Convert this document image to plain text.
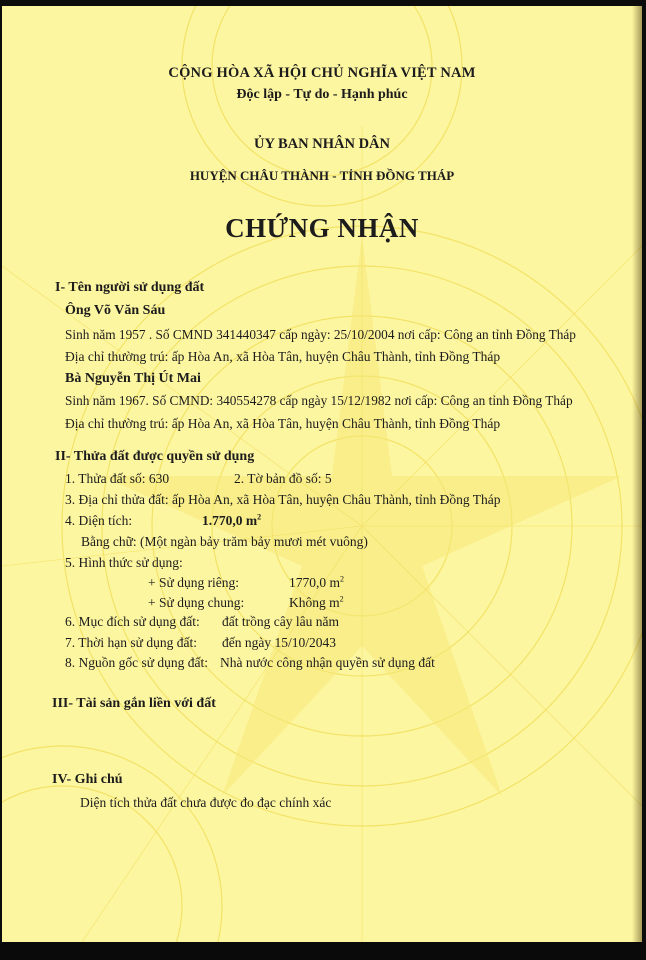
CỘNG HÒA XÃ HỘI CHỦ NGHĨA VIỆT NAM
Độc lập - Tự do - Hạnh phúc
ỦY BAN NHÂN DÂN
HUYỆN CHÂU THÀNH - TỈNH ĐỒNG THÁP
CHỨNG NHẬN
I- Tên người sử dụng đất
Ông Võ Văn Sáu
Sinh năm 1957 . Số CMND 341440347 cấp ngày: 25/10/2004 nơi cấp: Công an tỉnh Đồng Tháp
Địa chỉ thường trú: ấp Hòa An, xã Hòa Tân, huyện Châu Thành, tỉnh Đồng Tháp
Bà Nguyễn Thị Út Mai
Sinh năm 1967. Số CMND: 340554278 cấp ngày 15/12/1982 nơi cấp: Công an tỉnh Đồng Tháp
Địa chỉ thường trú: ấp Hòa An, xã Hòa Tân, huyện Châu Thành, tỉnh Đồng Tháp
II- Thửa đất được quyền sử dụng
1. Thửa đất số: 630	2. Tờ bản đồ số: 5
3. Địa chỉ thửa đất: ấp Hòa An, xã Hòa Tân, huyện Châu Thành, tỉnh Đồng Tháp
4. Diện tích:	1.770,0 $m^2$
Bằng chữ: (Một ngàn bảy trăm bảy mươi mét vuông)
5. Hình thức sử dụng:
+ Sử dụng riêng:	1770,0 $m^2$
+ Sử dụng chung:	Không $m^2$
6. Mục đích sử dụng đất: đất trồng cây lâu năm
7. Thời hạn sử dụng đất: đến ngày 15/10/2043
8. Nguồn gốc sử dụng đất: Nhà nước công nhận quyền sử dụng đất
III- Tài sản gắn liền với đất
IV- Ghi chú
Diện tích thửa đất chưa được đo đạc chính xác
